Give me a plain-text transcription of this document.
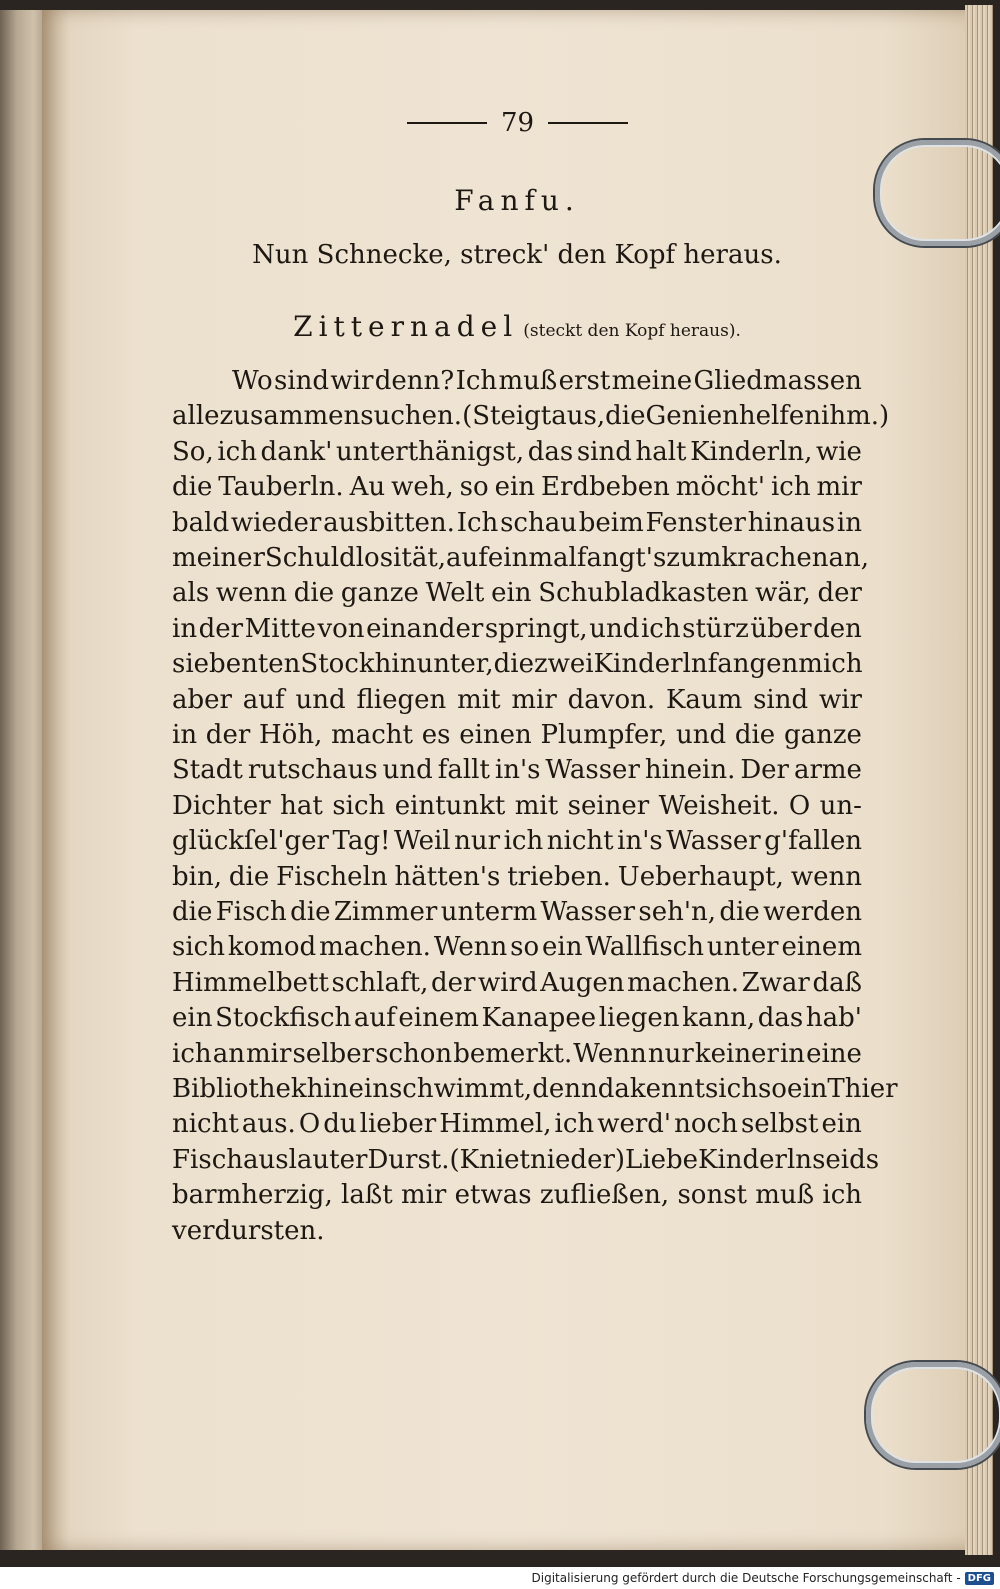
79
Fanfu.
Nun Schnecke, streck' den Kopf heraus.
Zitternadel (steckt den Kopf heraus).
Wo sind wir denn? Ich muß erst meine Gliedmassen
alle zusammensuchen. (Steigt aus, die Genien helfen ihm.)
So, ich dank' unterthänigst, das sind halt Kinderln, wie
die Tauberln. Au weh, so ein Erdbeben möcht' ich mir
bald wieder ausbitten. Ich schau beim Fenster hinaus in
meiner Schuldlosität, auf einmal fangt's zum krachen an,
als wenn die ganze Welt ein Schubladkasten wär, der
in der Mitte von einander springt, und ich stürz über den
siebenten Stock hinunter, die zwei Kinderln fangen mich
aber auf und fliegen mit mir davon. Kaum sind wir
in der Höh, macht es einen Plumpfer, und die ganze
Stadt rutschaus und fallt in's Wasser hinein. Der arme
Dichter hat sich eintunkt mit seiner Weisheit. O un-
glückſel'ger Tag! Weil nur ich nicht in's Wasser g'fallen
bin, die Fischeln hätten's trieben. Ueberhaupt, wenn
die Fisch die Zimmer unterm Wasser seh'n, die werden
sich komod machen. Wenn so ein Wallfisch unter einem
Himmelbett schlaft, der wird Augen machen. Zwar daß
ein Stockfisch auf einem Kanapee liegen kann, das hab'
ich an mir selber schon bemerkt. Wenn nur keiner in eine
Bibliothek hineinschwimmt, denn da kennt sich so ein Thier
nicht aus. O du lieber Himmel, ich werd' noch selbst ein
Fisch aus lauter Durst. (Kniet nieder) Liebe Kinderln seids
barmherzig, laßt mir etwas zufließen, sonst muß ich
verdursten.
Digitalisierung gefördert durch die Deutsche Forschungsgemeinschaft - DFG
